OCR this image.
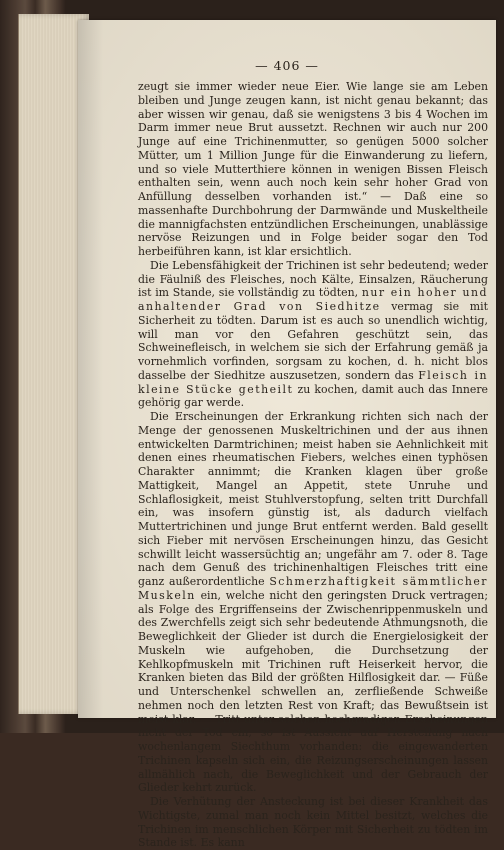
— 406 —

zeugt sie immer wieder neue Eier. Wie lange sie am Leben bleiben und Junge zeugen kann, ist nicht genau bekannt; das aber wissen wir genau, daß sie wenigstens 3 bis 4 Wochen im Darm immer neue Brut aussetzt. Rechnen wir auch nur 200 Junge auf eine Trichinenmutter, so genügen 5000 solcher Mütter, um 1 Million Junge für die Einwanderung zu liefern, und so viele Mutterthiere können in wenigen Bissen Fleisch enthalten sein, wenn auch noch kein sehr hoher Grad von Anfüllung desselben vorhanden ist.“ — Daß eine so massenhafte Durchbohrung der Darmwände und Muskeltheile die mannigfachsten entzündlichen Erscheinungen, unablässige nervöse Reizungen und in Folge beider sogar den Tod herbeiführen kann, ist klar ersichtlich.

Die Lebensfähigkeit der Trichinen ist sehr bedeutend; weder die Fäulniß des Fleisches, noch Kälte, Einsalzen, Räucherung ist im Stande, sie vollständig zu tödten, nur ein hoher und anhaltender Grad von Siedhitze vermag sie mit Sicherheit zu tödten. Darum ist es auch so unendlich wichtig, will man vor den Gefahren geschützt sein, das Schweinefleisch, in welchem sie sich der Erfahrung gemäß ja vornehmlich vorfinden, sorgsam zu kochen, d. h. nicht blos dasselbe der Siedhitze auszusetzen, sondern das Fleisch in kleine Stücke getheilt zu kochen, damit auch das Innere gehörig gar werde.

Die Erscheinungen der Erkrankung richten sich nach der Menge der genossenen Muskeltrichinen und der aus ihnen entwickelten Darmtrichinen; meist haben sie Aehnlichkeit mit denen eines rheumatischen Fiebers, welches einen typhösen Charakter annimmt; die Kranken klagen über große Mattigkeit, Mangel an Appetit, stete Unruhe und Schlaflosigkeit, meist Stuhlverstopfung, selten tritt Durchfall ein, was insofern günstig ist, als dadurch vielfach Muttertrichinen und junge Brut entfernt werden. Bald gesellt sich Fieber mit nervösen Erscheinungen hinzu, das Gesicht schwillt leicht wassersüchtig an; ungefähr am 7. oder 8. Tage nach dem Genuß des trichinenhaltigen Fleisches tritt eine ganz außerordentliche Schmerzhaftigkeit sämmtlicher Muskeln ein, welche nicht den geringsten Druck vertragen; als Folge des Ergriffenseins der Zwischenrippenmuskeln und des Zwerchfells zeigt sich sehr bedeutende Athmungsnoth, die Beweglichkeit der Glieder ist durch die Energielosigkeit der Muskeln wie aufgehoben, die Durchsetzung der Kehlkopfmuskeln mit Trichinen ruft Heiserkeit hervor, die Kranken bieten das Bild der größten Hilflosigkeit dar. — Füße und Unterschenkel schwellen an, zerfließende Schweiße nehmen noch den letzten Rest von Kraft; das Bewußtsein ist meist klar. — Tritt unter solchen hochgradigen Erscheinungen nicht der Tod ein, so ist Aussicht auf Herstellung nach wochenlangem Siechthum vorhanden: die eingewanderten Trichinen kapseln sich ein, die Reizungserscheinungen lassen allmählich nach, die Beweglichkeit und der Gebrauch der Glieder kehrt zurück.

Die Verhütung der Ansteckung ist bei dieser Krankheit das Wichtigste, zumal man noch kein Mittel besitzt, welches die Trichinen im menschlichen Körper mit Sicherheit zu tödten im Stande ist. Es kann
